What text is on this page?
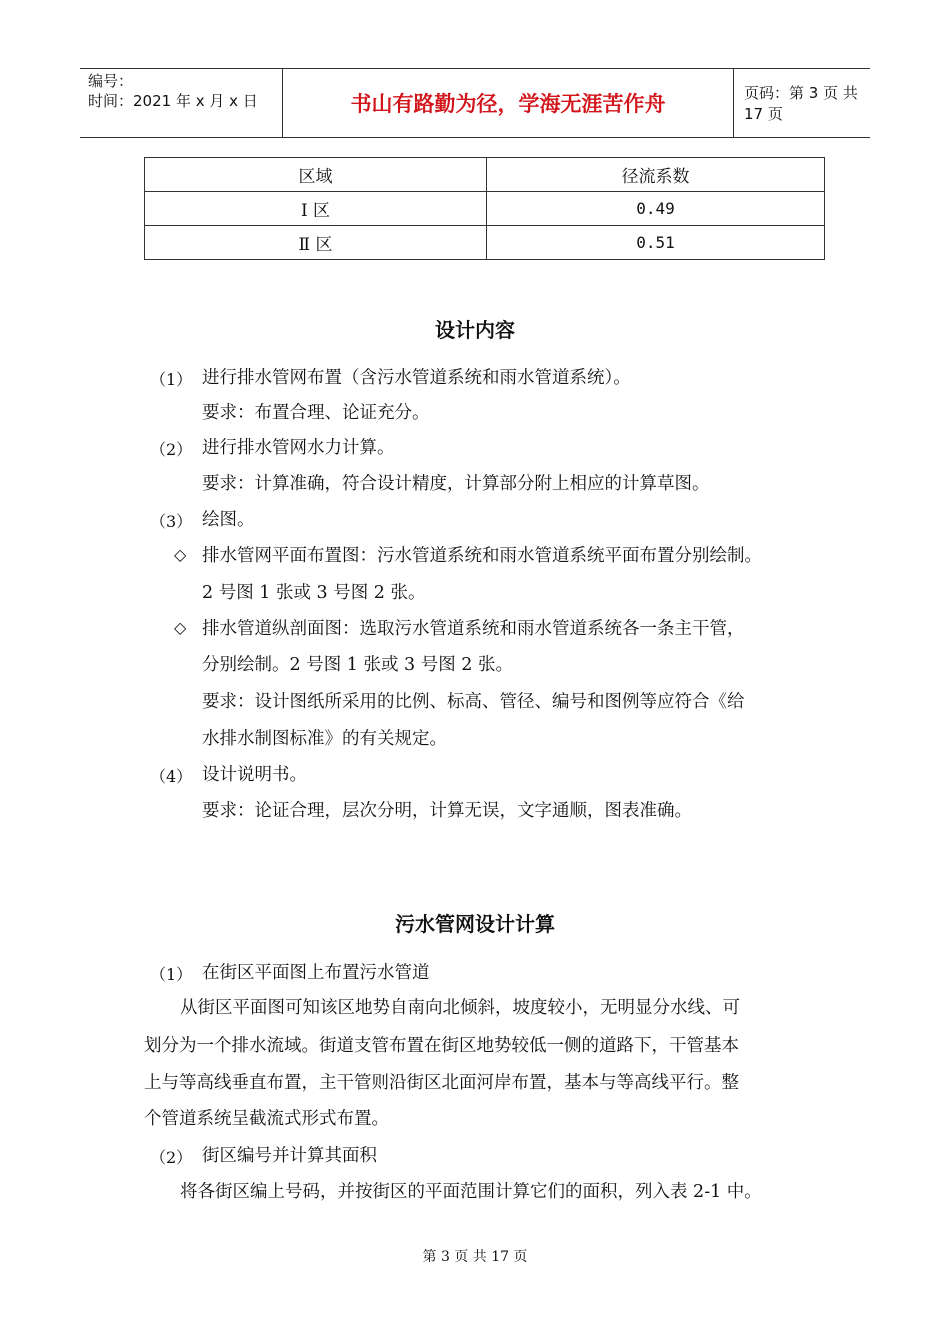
编号：
时间：2021 年 x 月 x 日	书山有路勤为径，学海无涯苦作舟	页码：第 3 页 共 17 页
区域	径流系数
Ⅰ 区	0.49
Ⅱ 区	0.51
设计内容
（1） 进行排水管网布置（含污水管道系统和雨水管道系统）。
要求：布置合理、论证充分。
（2） 进行排水管网水力计算。
要求：计算准确，符合设计精度，计算部分附上相应的计算草图。
（3） 绘图。
◇ 排水管网平面布置图：污水管道系统和雨水管道系统平面布置分别绘制。
2 号图 1 张或 3 号图 2 张。
◇ 排水管道纵剖面图：选取污水管道系统和雨水管道系统各一条主干管，
分别绘制。2 号图 1 张或 3 号图 2 张。
要求：设计图纸所采用的比例、标高、管径、编号和图例等应符合《给
水排水制图标准》的有关规定。
（4） 设计说明书。
要求：论证合理，层次分明，计算无误，文字通顺，图表准确。
污水管网设计计算
（1） 在街区平面图上布置污水管道
从街区平面图可知该区地势自南向北倾斜，坡度较小，无明显分水线、可
划分为一个排水流域。街道支管布置在街区地势较低一侧的道路下，干管基本
上与等高线垂直布置，主干管则沿街区北面河岸布置，基本与等高线平行。整
个管道系统呈截流式形式布置。
（2） 街区编号并计算其面积
将各街区编上号码，并按街区的平面范围计算它们的面积，列入表 2-1 中。
第 3 页 共 17 页
